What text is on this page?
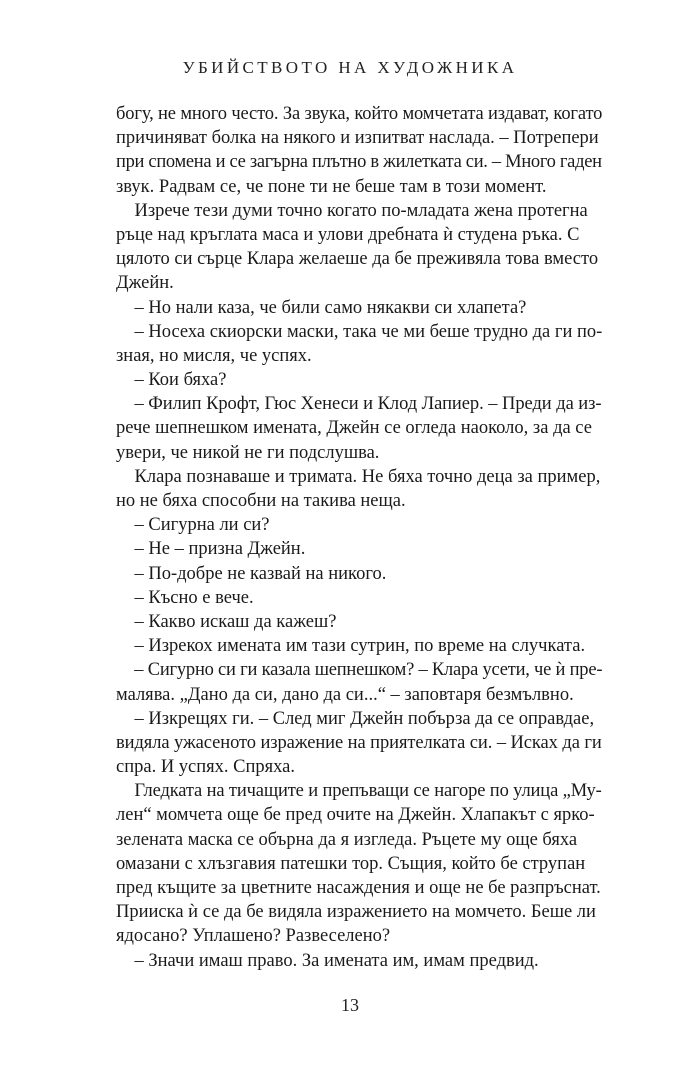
УБИЙСТВОТО НА ХУДОЖНИКА
богу, не много често. За звука, който момчетата издават, когато
причиняват болка на някого и изпитват наслада. – Потрепери
при спомена и се загърна плътно в жилетката си. – Много гаден
звук. Радвам се, че поне ти не беше там в този момент.
 Изрече тези думи точно когато по-младата жена протегна
ръце над кръглата маса и улови дребната ѝ студена ръка. С
цялото си сърце Клара желаеше да бе преживяла това вместо
Джейн.
 – Но нали каза, че били само някакви си хлапета?
 – Носеха скиорски маски, така че ми беше трудно да ги по-
зная, но мисля, че успях.
 – Кои бяха?
 – Филип Крофт, Гюс Хенеси и Клод Лапиер. – Преди да из-
рече шепнешком имената, Джейн се огледа наоколо, за да се
увери, че никой не ги подслушва.
 Клара познаваше и тримата. Не бяха точно деца за пример,
но не бяха способни на такива неща.
 – Сигурна ли си?
 – Не – призна Джейн.
 – По-добре не казвай на никого.
 – Късно е вече.
 – Какво искаш да кажеш?
 – Изрекох имената им тази сутрин, по време на случката.
 – Сигурно си ги казала шепнешком? – Клара усети, че ѝ пре-
малява. „Дано да си, дано да си...“ – заповтаря безмълвно.
 – Изкрещях ги. – След миг Джейн побърза да се оправдае,
видяла ужасеното изражение на приятелката си. – Исках да ги
спра. И успях. Спряха.
 Гледката на тичащите и препъващи се нагоре по улица „Му-
лен“ момчета още бе пред очите на Джейн. Хлапакът с ярко-
зелената маска се обърна да я изгледа. Ръцете му още бяха
омазани с хлъзгавия патешки тор. Същия, който бе струпан
пред къщите за цветните насаждения и още не бе разпръснат.
Прииска ѝ се да бе видяла изражението на момчето. Беше ли
ядосано? Уплашено? Развеселено?
 – Значи имаш право. За имената им, имам предвид.
13
